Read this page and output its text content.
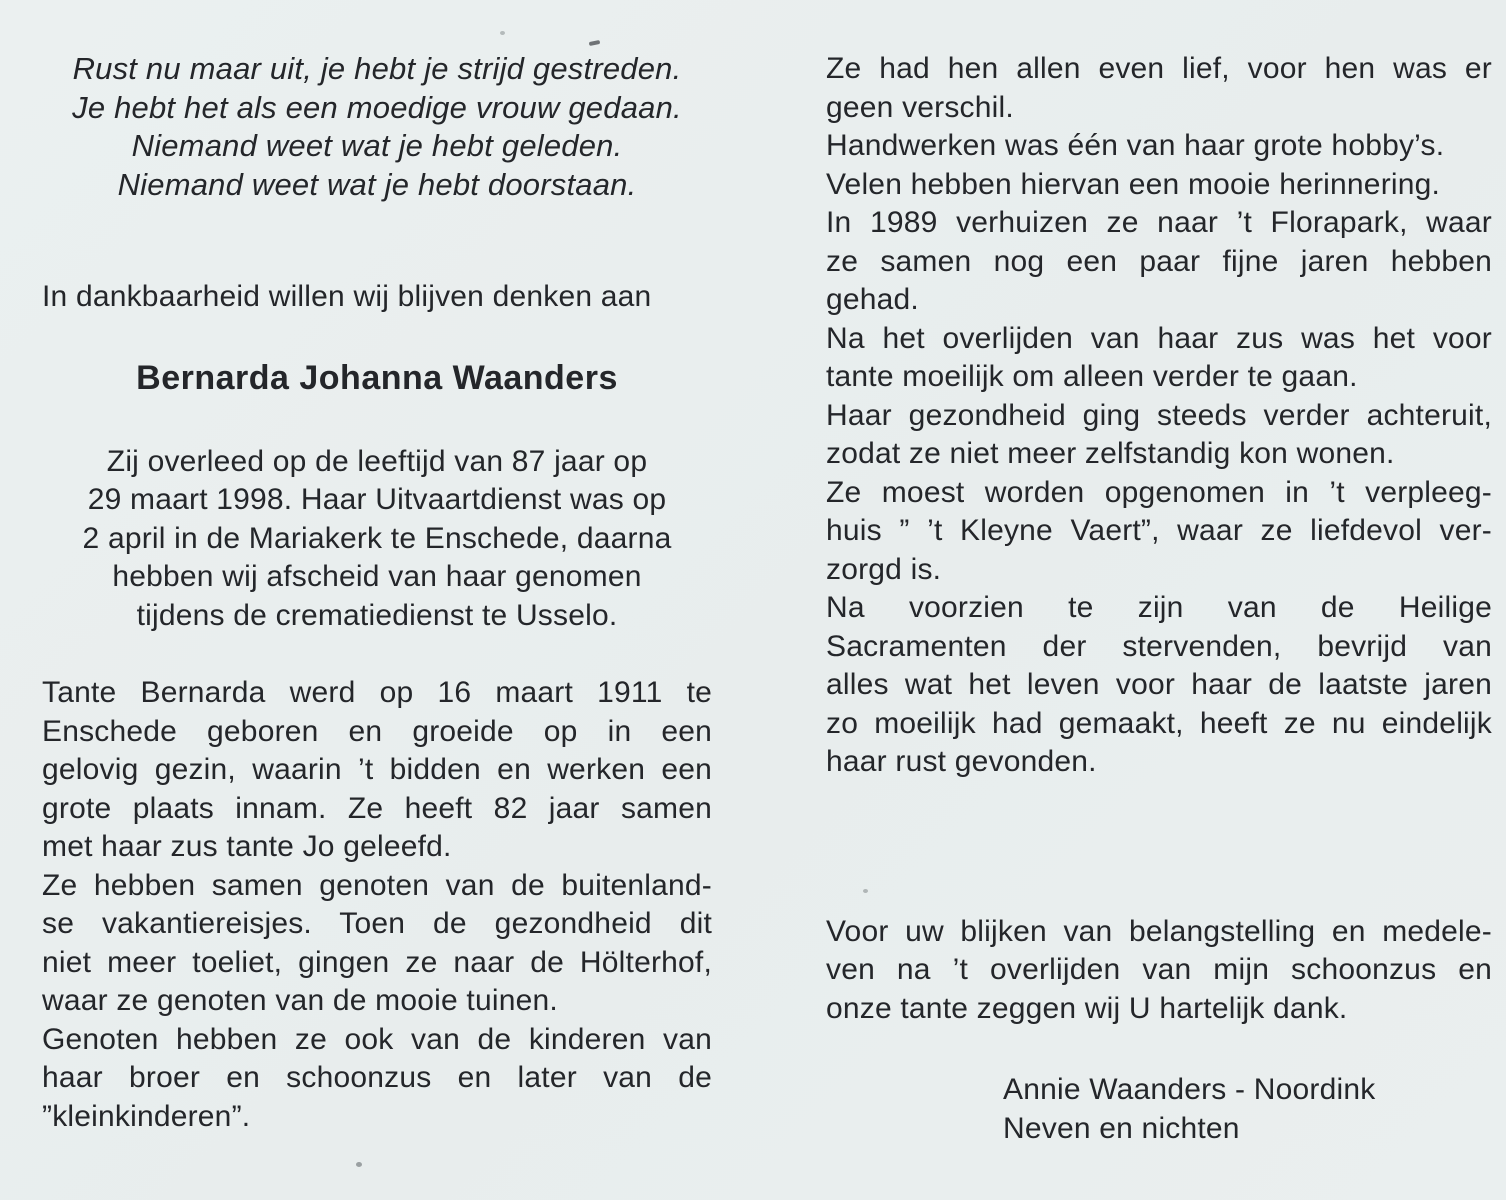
Rust nu maar uit, je hebt je strijd gestreden.
Je hebt het als een moedige vrouw gedaan.
Niemand weet wat je hebt geleden.
Niemand weet wat je hebt doorstaan.
In dankbaarheid willen wij blijven denken aan
Bernarda Johanna Waanders
Zij overleed op de leeftijd van 87 jaar op
29 maart 1998. Haar Uitvaartdienst was op
2 april in de Mariakerk te Enschede, daarna
hebben wij afscheid van haar genomen
tijdens de crematiedienst te Usselo.
Tante Bernarda werd op 16 maart 1911 te
Enschede geboren en groeide op in een
gelovig gezin, waarin ’t bidden en werken een
grote plaats innam. Ze heeft 82 jaar samen
met haar zus tante Jo geleefd.
Ze hebben samen genoten van de buitenland-
se vakantiereisjes. Toen de gezondheid dit
niet meer toeliet, gingen ze naar de Hölterhof,
waar ze genoten van de mooie tuinen.
Genoten hebben ze ook van de kinderen van
haar broer en schoonzus en later van de
”kleinkinderen”.
Ze had hen allen even lief, voor hen was er
geen verschil.
Handwerken was één van haar grote hobby’s.
Velen hebben hiervan een mooie herinnering.
In 1989 verhuizen ze naar ’t Florapark, waar
ze samen nog een paar fijne jaren hebben
gehad.
Na het overlijden van haar zus was het voor
tante moeilijk om alleen verder te gaan.
Haar gezondheid ging steeds verder achteruit,
zodat ze niet meer zelfstandig kon wonen.
Ze moest worden opgenomen in ’t verpleeg-
huis ” ’t Kleyne Vaert”, waar ze liefdevol ver-
zorgd is.
Na voorzien te zijn van de Heilige
Sacramenten der stervenden, bevrijd van
alles wat het leven voor haar de laatste jaren
zo moeilijk had gemaakt, heeft ze nu eindelijk
haar rust gevonden.
Voor uw blijken van belangstelling en medele-
ven na ’t overlijden van mijn schoonzus en
onze tante zeggen wij U hartelijk dank.
Annie Waanders - Noordink
Neven en nichten
